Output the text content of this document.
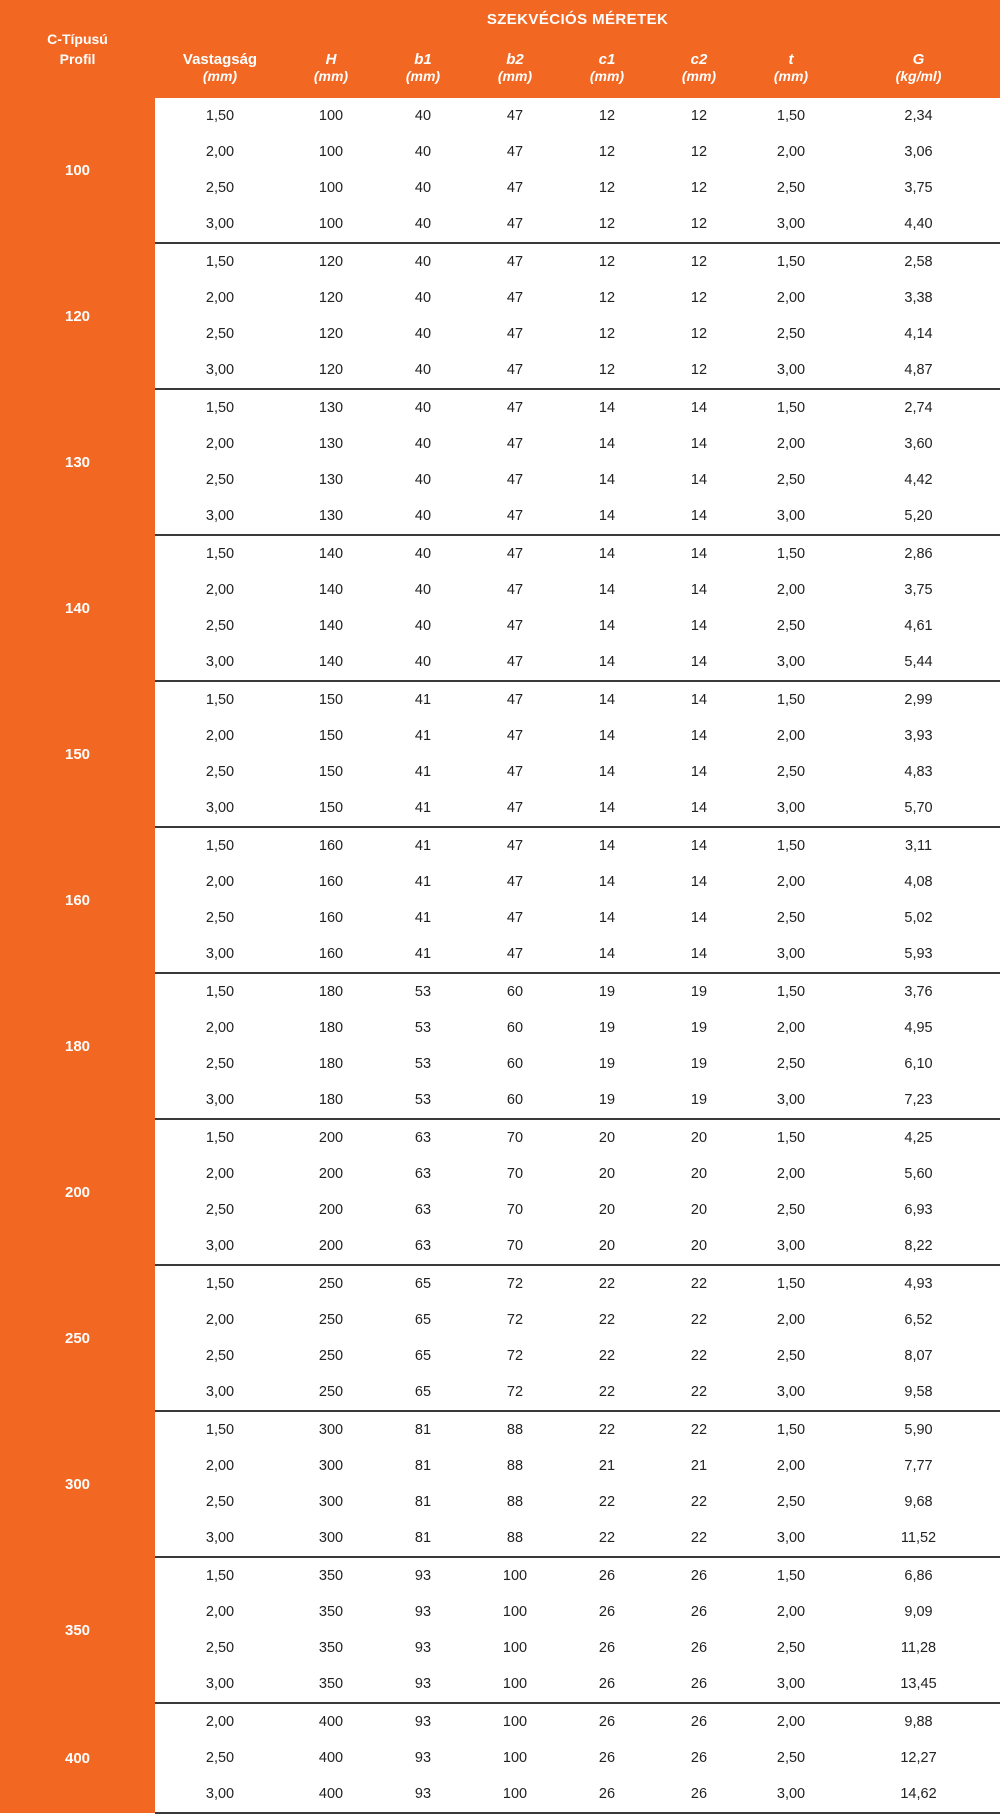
C-Típusú
Profil	SZEKVÉCIÓS MÉRETEK							
	Vastagság	H	b1	b2	c1	c2	t	G
	(mm)	(mm)	(mm)	(mm)	(mm)	(mm)	(mm)	(kg/ml)
100	1,50	100	40	47	12	12	1,50	2,34
	2,00	100	40	47	12	12	2,00	3,06
	2,50	100	40	47	12	12	2,50	3,75
	3,00	100	40	47	12	12	3,00	4,40
120	1,50	120	40	47	12	12	1,50	2,58
	2,00	120	40	47	12	12	2,00	3,38
	2,50	120	40	47	12	12	2,50	4,14
	3,00	120	40	47	12	12	3,00	4,87
130	1,50	130	40	47	14	14	1,50	2,74
	2,00	130	40	47	14	14	2,00	3,60
	2,50	130	40	47	14	14	2,50	4,42
	3,00	130	40	47	14	14	3,00	5,20
140	1,50	140	40	47	14	14	1,50	2,86
	2,00	140	40	47	14	14	2,00	3,75
	2,50	140	40	47	14	14	2,50	4,61
	3,00	140	40	47	14	14	3,00	5,44
150	1,50	150	41	47	14	14	1,50	2,99
	2,00	150	41	47	14	14	2,00	3,93
	2,50	150	41	47	14	14	2,50	4,83
	3,00	150	41	47	14	14	3,00	5,70
160	1,50	160	41	47	14	14	1,50	3,11
	2,00	160	41	47	14	14	2,00	4,08
	2,50	160	41	47	14	14	2,50	5,02
	3,00	160	41	47	14	14	3,00	5,93
180	1,50	180	53	60	19	19	1,50	3,76
	2,00	180	53	60	19	19	2,00	4,95
	2,50	180	53	60	19	19	2,50	6,10
	3,00	180	53	60	19	19	3,00	7,23
200	1,50	200	63	70	20	20	1,50	4,25
	2,00	200	63	70	20	20	2,00	5,60
	2,50	200	63	70	20	20	2,50	6,93
	3,00	200	63	70	20	20	3,00	8,22
250	1,50	250	65	72	22	22	1,50	4,93
	2,00	250	65	72	22	22	2,00	6,52
	2,50	250	65	72	22	22	2,50	8,07
	3,00	250	65	72	22	22	3,00	9,58
300	1,50	300	81	88	22	22	1,50	5,90
	2,00	300	81	88	21	21	2,00	7,77
	2,50	300	81	88	22	22	2,50	9,68
	3,00	300	81	88	22	22	3,00	11,52
350	1,50	350	93	100	26	26	1,50	6,86
	2,00	350	93	100	26	26	2,00	9,09
	2,50	350	93	100	26	26	2,50	11,28
	3,00	350	93	100	26	26	3,00	13,45
400	2,00	400	93	100	26	26	2,00	9,88
	2,50	400	93	100	26	26	2,50	12,27
	3,00	400	93	100	26	26	3,00	14,62
